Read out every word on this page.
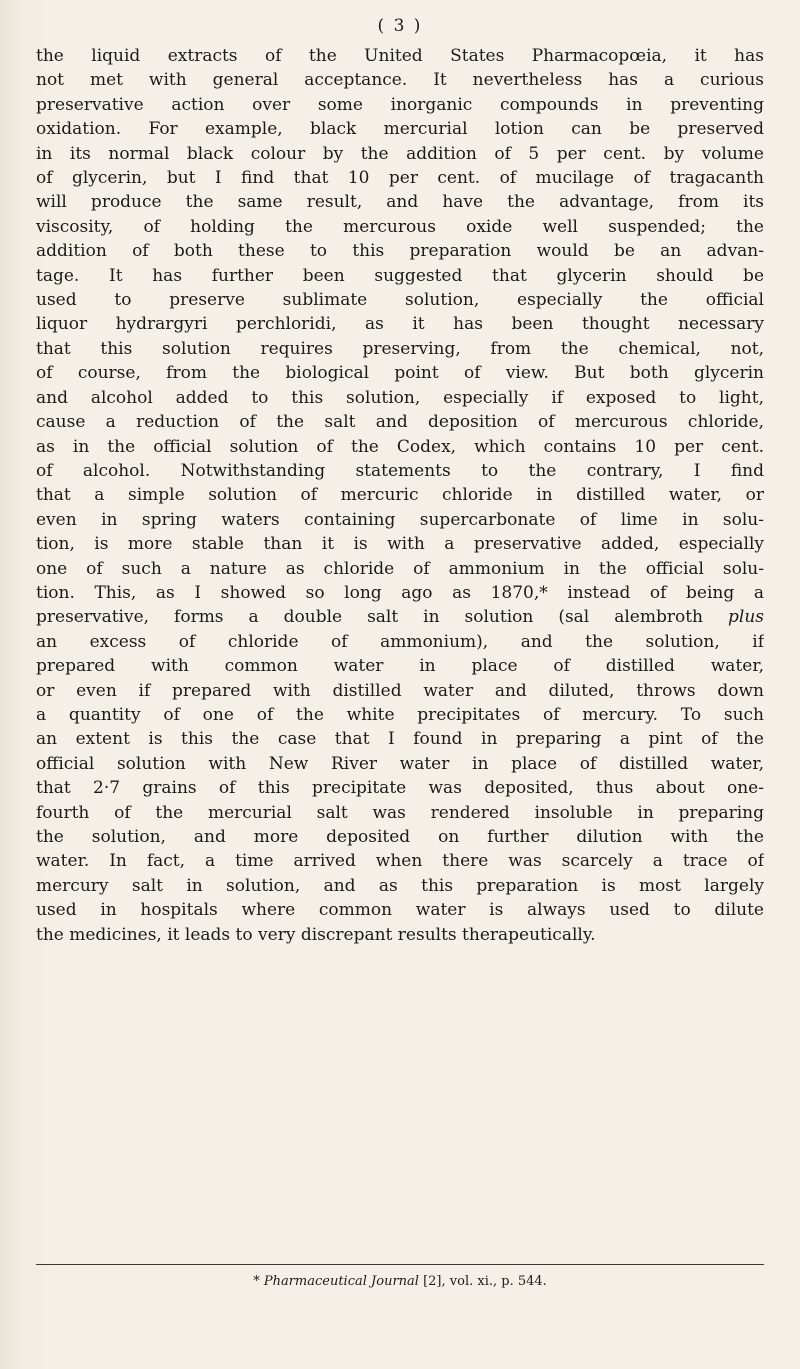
( 3 )
the liquid extracts of the United States Pharmacopœia, it has
not met with general acceptance. It nevertheless has a curious
preservative action over some inorganic compounds in preventing
oxidation. For example, black mercurial lotion can be preserved
in its normal black colour by the addition of 5 per cent. by volume
of glycerin, but I find that 10 per cent. of mucilage of tragacanth
will produce the same result, and have the advantage, from its
viscosity, of holding the mercurous oxide well suspended; the
addition of both these to this preparation would be an advan-
tage. It has further been suggested that glycerin should be
used to preserve sublimate solution, especially the official
liquor hydrargyri perchloridi, as it has been thought necessary
that this solution requires preserving, from the chemical, not,
of course, from the biological point of view. But both glycerin
and alcohol added to this solution, especially if exposed to light,
cause a reduction of the salt and deposition of mercurous chloride,
as in the official solution of the Codex, which contains 10 per cent.
of alcohol. Notwithstanding statements to the contrary, I find
that a simple solution of mercuric chloride in distilled water, or
even in spring waters containing supercarbonate of lime in solu-
tion, is more stable than it is with a preservative added, especially
one of such a nature as chloride of ammonium in the official solu-
tion. This, as I showed so long ago as 1870,* instead of being a
preservative, forms a double salt in solution (sal alembroth plus
an excess of chloride of ammonium), and the solution, if
prepared with common water in place of distilled water,
or even if prepared with distilled water and diluted, throws down
a quantity of one of the white precipitates of mercury. To such
an extent is this the case that I found in preparing a pint of the
official solution with New River water in place of distilled water,
that 2·7 grains of this precipitate was deposited, thus about one-
fourth of the mercurial salt was rendered insoluble in preparing
the solution, and more deposited on further dilution with the
water. In fact, a time arrived when there was scarcely a trace of
mercury salt in solution, and as this preparation is most largely
used in hospitals where common water is always used to dilute
the medicines, it leads to very discrepant results therapeutically.
* Pharmaceutical Journal [2], vol. xi., p. 544.
